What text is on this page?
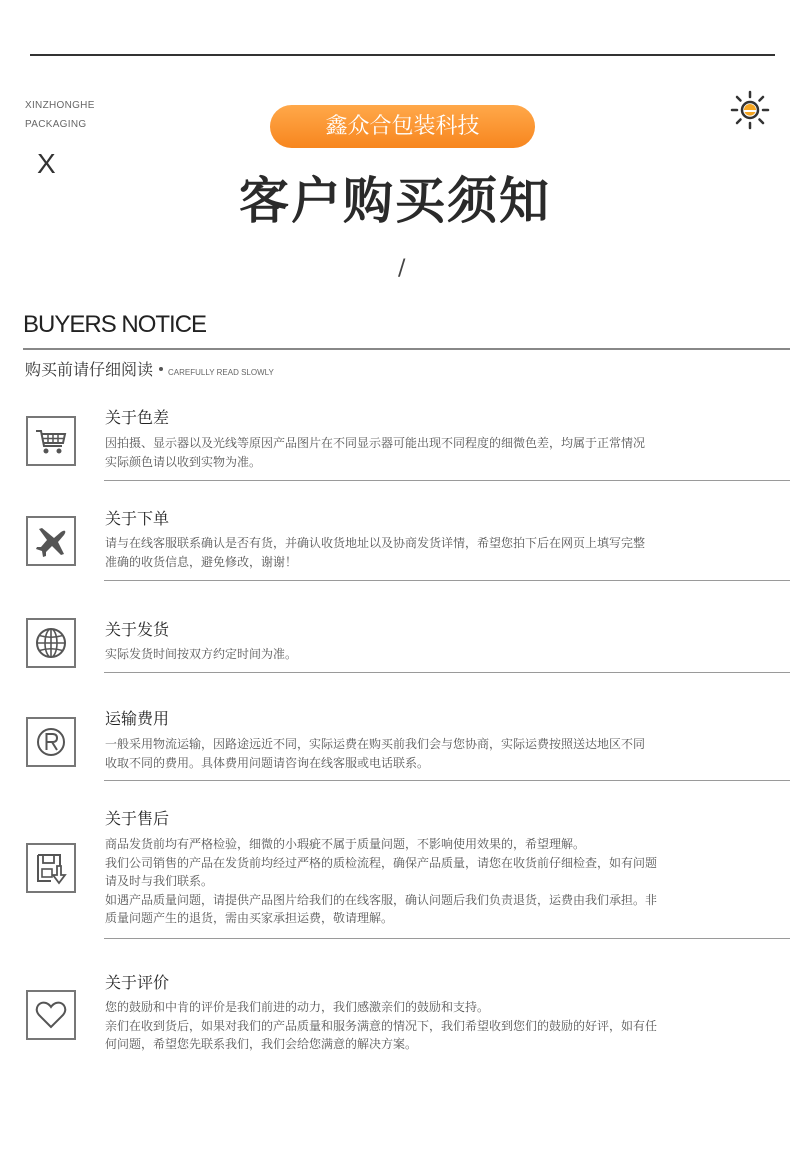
XINZHONGHE
PACKAGING
X
鑫众合包装科技
客户购买须知
/
BUYERS NOTICE
购买前请仔细阅读 CAREFULLY READ SLOWLY
关于色差

因拍摄、显示器以及光线等原因产品图片在不同显示器可能出现不同程度的细微色差，均属于正常情况

实际颜色请以收到实物为准。

关于下单

请与在线客服联系确认是否有货，并确认收货地址以及协商发货详情，希望您拍下后在网页上填写完整

准确的收货信息，避免修改，谢谢！

关于发货

实际发货时间按双方约定时间为准。

运输费用

一般采用物流运输，因路途远近不同，实际运费在购买前我们会与您协商，实际运费按照送达地区不同

收取不同的费用。具体费用问题请咨询在线客服或电话联系。

关于售后

商品发货前均有严格检验，细微的小瑕疵不属于质量问题，不影响使用效果的，希望理解。

我们公司销售的产品在发货前均经过严格的质检流程，确保产品质量，请您在收货前仔细检查，如有问题

请及时与我们联系。

如遇产品质量问题，请提供产品图片给我们的在线客服，确认问题后我们负责退货，运费由我们承担。非

质量问题产生的退货，需由买家承担运费，敬请理解。

关于评价

您的鼓励和中肯的评价是我们前进的动力，我们感激亲们的鼓励和支持。

亲们在收到货后，如果对我们的产品质量和服务满意的情况下，我们希望收到您们的鼓励的好评，如有任

何问题，希望您先联系我们，我们会给您满意的解决方案。
